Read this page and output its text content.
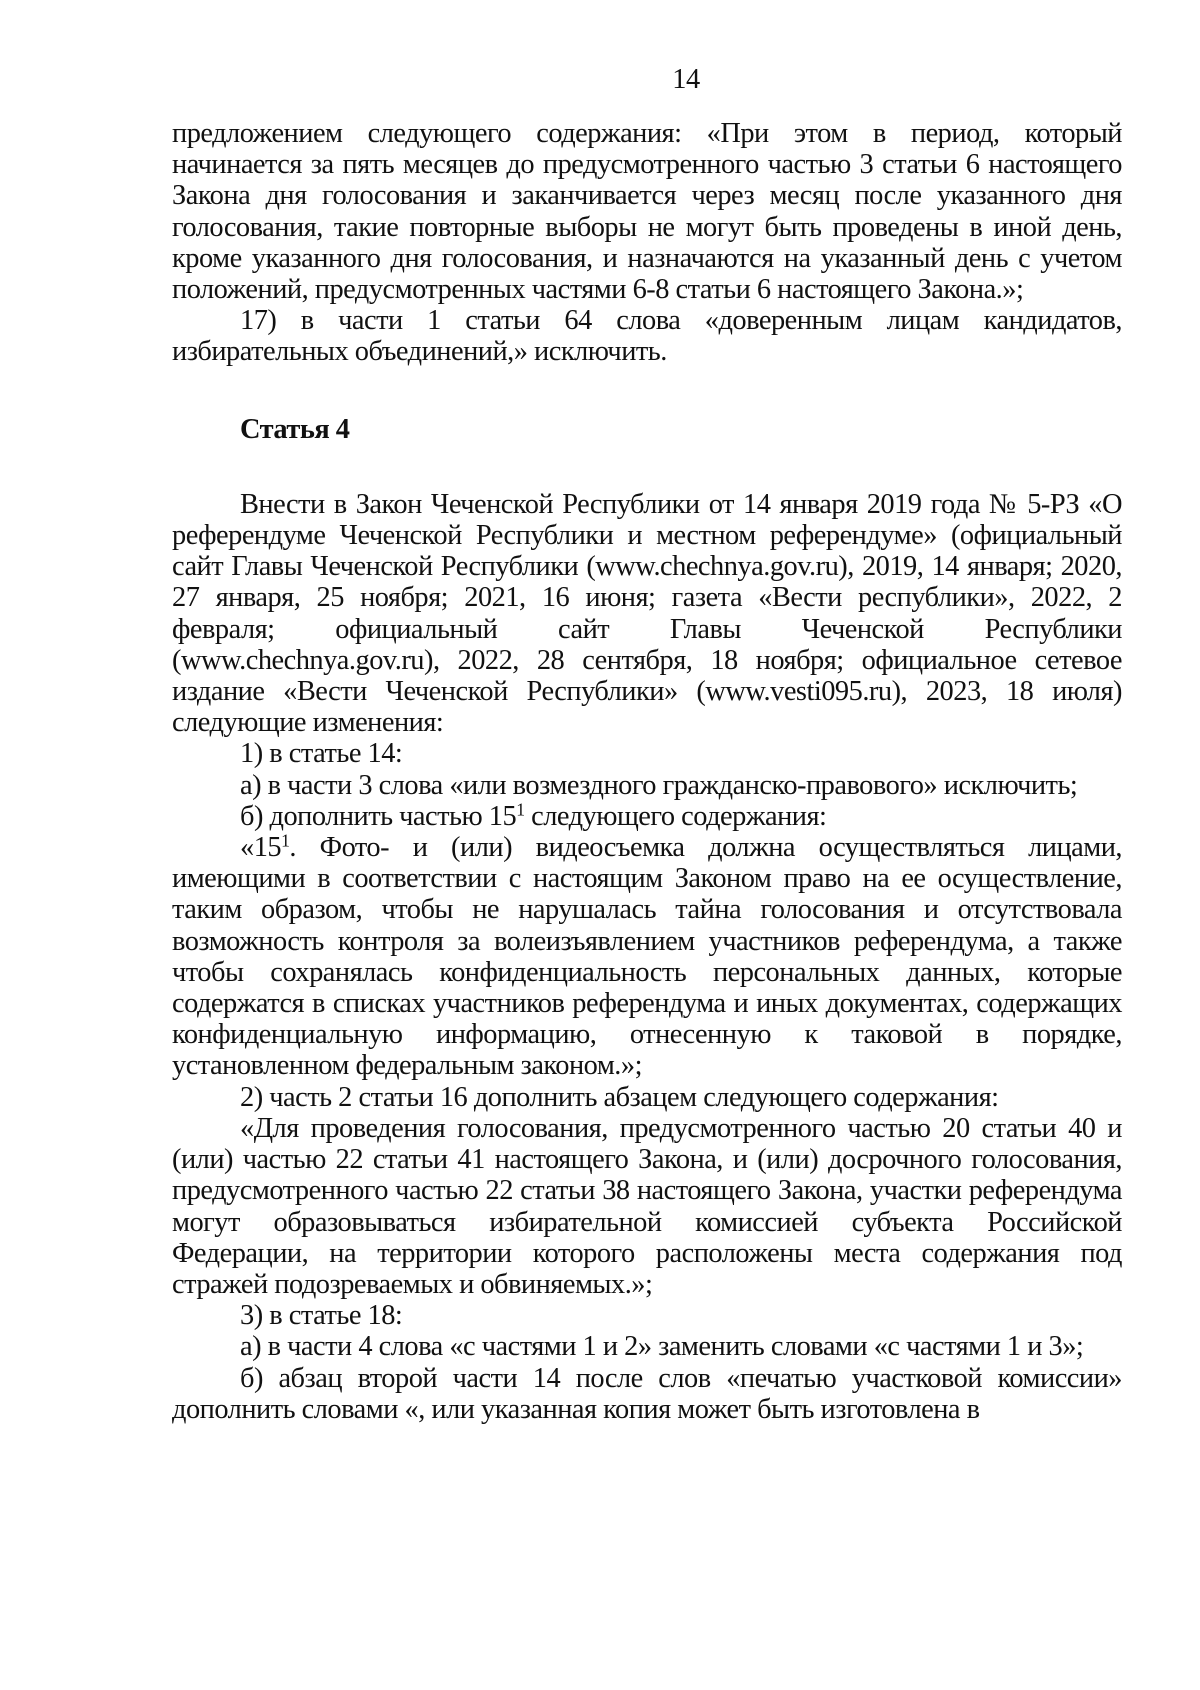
14

предложением следующего содержания: «При этом в период, который начинается за пять месяцев до предусмотренного частью 3 статьи 6 настоящего Закона дня голосования и заканчивается через месяц после указанного дня голосования, такие повторные выборы не могут быть проведены в иной день, кроме указанного дня голосования, и назначаются на указанный день с учетом положений, предусмотренных частями 6-8 статьи 6 настоящего Закона.»;

17) в части 1 статьи 64 слова «доверенным лицам кандидатов, избирательных объединений,» исключить.

Статья 4

Внести в Закон Чеченской Республики от 14 января 2019 года № 5-РЗ «О референдуме Чеченской Республики и местном референдуме» (официальный сайт Главы Чеченской Республики (www.chechnya.gov.ru), 2019, 14 января; 2020, 27 января, 25 ноября; 2021, 16 июня; газета «Вести республики», 2022, 2 февраля; официальный сайт Главы Чеченской Республики (www.chechnya.gov.ru), 2022, 28 сентября, 18 ноября; официальное сетевое издание «Вести Чеченской Республики» (www.vesti095.ru), 2023, 18 июля) следующие изменения:

1) в статье 14:

а) в части 3 слова «или возмездного гражданско-правового» исключить;

б) дополнить частью $15^1$ следующего содержания:

«$15^1$. Фото- и (или) видеосъемка должна осуществляться лицами, имеющими в соответствии с настоящим Законом право на ее осуществление, таким образом, чтобы не нарушалась тайна голосования и отсутствовала возможность контроля за волеизъявлением участников референдума, а также чтобы сохранялась конфиденциальность персональных данных, которые содержатся в списках участников референдума и иных документах, содержащих конфиденциальную информацию, отнесенную к таковой в порядке, установленном федеральным законом.»;

2) часть 2 статьи 16 дополнить абзацем следующего содержания:

«Для проведения голосования, предусмотренного частью 20 статьи 40 и (или) частью 22 статьи 41 настоящего Закона, и (или) досрочного голосования, предусмотренного частью 22 статьи 38 настоящего Закона, участки референдума могут образовываться избирательной комиссией субъекта Российской Федерации, на территории которого расположены места содержания под стражей подозреваемых и обвиняемых.»;

3) в статье 18:

а) в части 4 слова «с частями 1 и 2» заменить словами «с частями 1 и 3»;

б) абзац второй части 14 после слов «печатью участковой комиссии» дополнить словами «, или указанная копия может быть изготовлена в
